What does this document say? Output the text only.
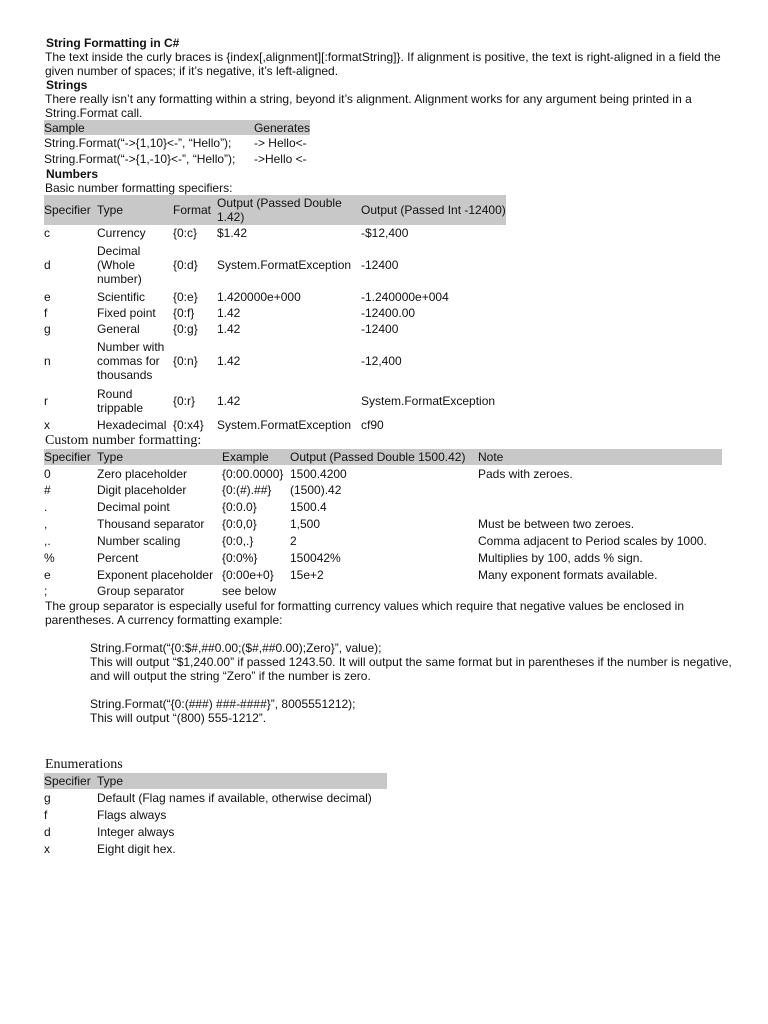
String Formatting in C#
The text inside the curly braces is {index[,alignment][:formatString]}. If alignment is positive, the text is right-aligned in a field the given number of spaces; if it’s negative, it’s left-aligned.
Strings
There really isn’t any formatting within a string, beyond it’s alignment. Alignment works for any argument being printed in a String.Format call.
Sample	Generates
String.Format(“->{1,10}<-”, “Hello”);	-> Hello<-
String.Format(“->{1,-10}<-”, “Hello”);	->Hello <-
Numbers
Basic number formatting specifiers:
Specifier	Type	Format	Output (Passed Double 1.42)	Output (Passed Int -12400)
c	Currency	{0:c}	$1.42	-$12,400
d	Decimal (Whole number)	{0:d}	System.FormatException	-12400
e	Scientific	{0:e}	1.420000e+000	-1.240000e+004
f	Fixed point	{0:f}	1.42	-12400.00
g	General	{0:g}	1.42	-12400
n	Number with commas for thousands	{0:n}	1.42	-12,400
r	Round trippable	{0:r}	1.42	System.FormatException
x	Hexadecimal	{0:x4}	System.FormatException	cf90
Custom number formatting:
Specifier	Type	Example	Output (Passed Double 1500.42)	Note
0	Zero placeholder	{0:00.0000}	1500.4200	Pads with zeroes.
#	Digit placeholder	{0:(#).##}	(1500).42	
.	Decimal point	{0:0.0}	1500.4	
,	Thousand separator	{0:0,0}	1,500	Must be between two zeroes.
,.	Number scaling	{0:0,.}	2	Comma adjacent to Period scales by 1000.
%	Percent	{0:0%}	150042%	Multiplies by 100, adds % sign.
e	Exponent placeholder	{0:00e+0}	15e+2	Many exponent formats available.
;	Group separator	see below		
The group separator is especially useful for formatting currency values which require that negative values be enclosed in parentheses. A currency formatting example:
String.Format(“{0:$#,##0.00;($#,##0.00);Zero}”, value);
This will output “$1,240.00” if passed 1243.50. It will output the same format but in parentheses if the number is negative, and will output the string “Zero” if the number is zero.
String.Format(“{0:(###) ###-####}”, 8005551212);
This will output “(800) 555-1212”.
Enumerations
Specifier	Type
g	Default (Flag names if available, otherwise decimal)
f	Flags always
d	Integer always
x	Eight digit hex.
